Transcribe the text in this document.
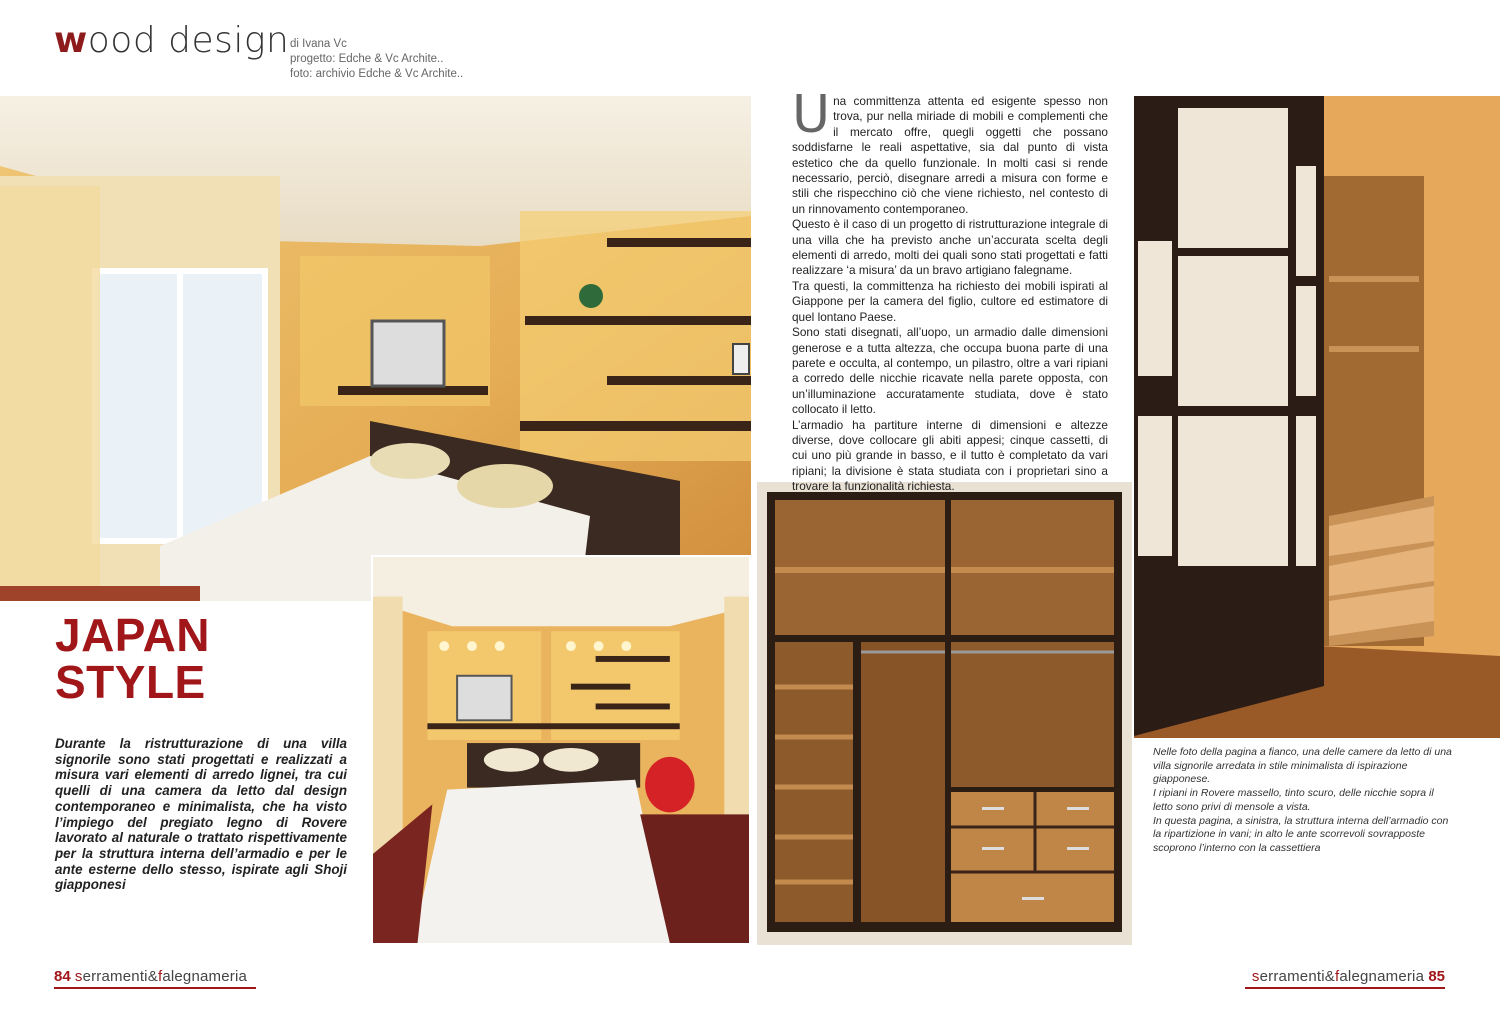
wood design di Ivana Vc
progetto: Edche & Vc Archite..
foto: archivio Edche & Vc Archite..
JAPAN
STYLE
Durante la ristrutturazione di una villa signorile sono stati progettati e realizzati a misura vari elementi di arredo lignei, tra cui quelli di una camera da letto dal design contemporaneo e minimalista, che ha visto l’impiego del pregiato legno di Rovere lavorato al naturale o trattato rispettivamente per la struttura interna dell’armadio e per le ante esterne dello stesso, ispirate agli Shoji giapponesi

Una committenza attenta ed esigente spesso non trova, pur nella miriade di mobili e complementi che il mercato offre, quegli oggetti che possano soddisfarne le reali aspettative, sia dal punto di vista estetico che da quello funzionale. In molti casi si rende necessario, perciò, disegnare arredi a misura con forme e stili che rispecchino ciò che viene richiesto, nel contesto di un rinnovamento contemporaneo.

Questo è il caso di un progetto di ristrutturazione integrale di una villa che ha previsto anche un’accurata scelta degli elementi di arredo, molti dei quali sono stati progettati e fatti realizzare ‘a misura’ da un bravo artigiano falegname.

Tra questi, la committenza ha richiesto dei mobili ispirati al Giappone per la camera del figlio, cultore ed estimatore di quel lontano Paese.

Sono stati disegnati, all’uopo, un armadio dalle dimensioni generose e a tutta altezza, che occupa buona parte di una parete e occulta, al contempo, un pilastro, oltre a vari ripiani a corredo delle nicchie ricavate nella parete opposta, con un’illuminazione accuratamente studiata, dove è stato collocato il letto.

L’armadio ha partiture interne di dimensioni e altezze diverse, dove collocare gli abiti appesi; cinque cassetti, di cui uno più grande in basso, e il tutto è completato da vari ripiani; la divisione è stata studiata con i proprietari sino a trovare la funzionalità richiesta.

Nelle foto della pagina a fianco, una delle camere da letto di una villa signorile arredata in stile minimalista di ispirazione giapponese.
I ripiani in Rovere massello, tinto scuro, delle nicchie sopra il letto sono privi di mensole a vista.
In questa pagina, a sinistra, la struttura interna dell’armadio con la ripartizione in vani; in alto le ante scorrevoli sovrapposte scoprono l’interno con la cassettiera
84 serramenti&falegnameria	serramenti&falegnameria 85
